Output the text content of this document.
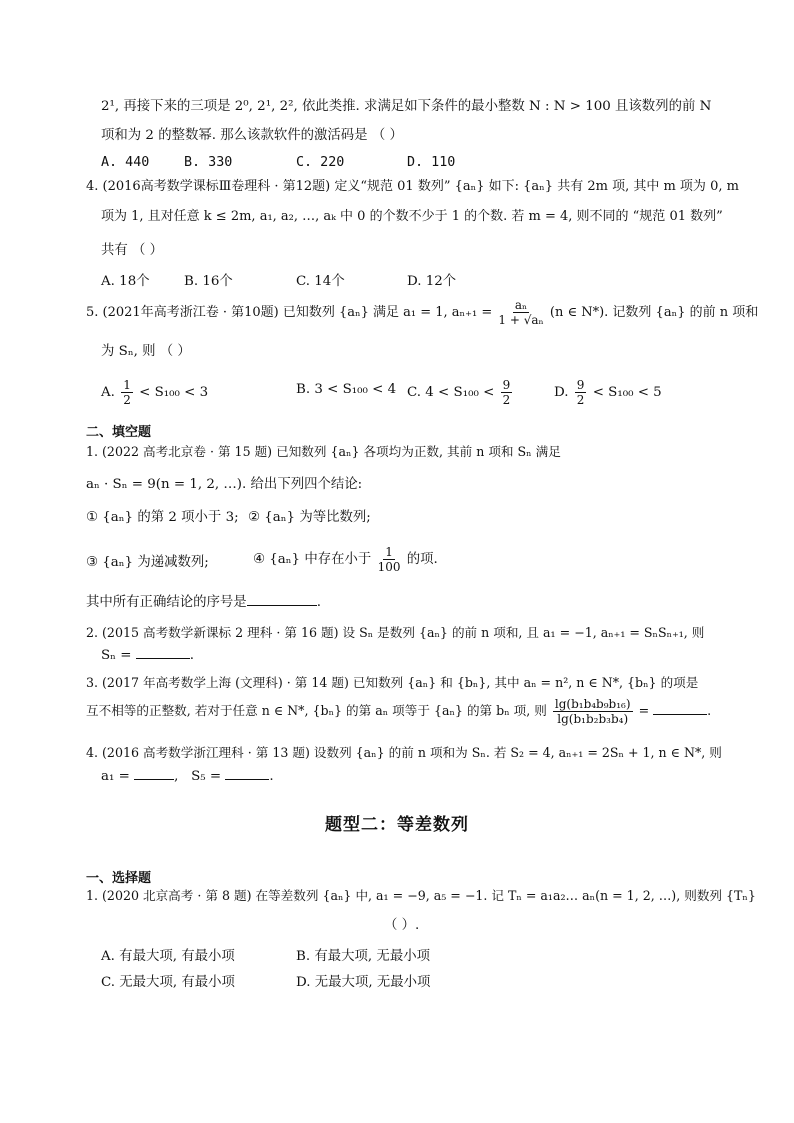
2¹, 再接下来的三项是 2⁰, 2¹, 2², 依此类推. 求满足如下条件的最小整数 N : N > 100 且该数列的前 N
项和为 2 的整数幂. 那么该款软件的激活码是 （ ）
A. 440	B. 330	C. 220	D. 110
4. (2016高考数学课标Ⅲ卷理科 · 第12题) 定义“规范 01 数列” {aₙ} 如下: {aₙ} 共有 2m 项, 其中 m 项为 0, m
项为 1, 且对任意 k ≤ 2m, a₁, a₂, …, aₖ 中 0 的个数不少于 1 的个数. 若 m = 4, 则不同的 “规范 01 数列”
共有 （ ）
A. 18个	B. 16个	C. 14个	D. 12个
5. (2021年高考浙江卷 · 第10题) 已知数列 {aₙ} 满足 a₁ = 1, $a_{n+1} = \frac{\text{aₙ}}{\text{1 + √aₙ}} (n$ ∈ N*). 记数列 {aₙ} 的前 n 项和
为 Sₙ, 则 （ ）
A. $\frac{1}{2} < S_{100} < 3$	B. 3 < S₁₀₀ < 4 C. $4 < S_{100} < \frac{9}{2}$	D. $\frac{9}{2} < S_{100} < 5$
二、填空题
1. (2022 高考北京卷 · 第 15 题) 已知数列 {aₙ} 各项均为正数, 其前 n 项和 Sₙ 满足
aₙ · Sₙ = 9(n = 1, 2, …). 给出下列四个结论:
① {aₙ} 的第 2 项小于 3; ② {aₙ} 为等比数列;
③ {aₙ} 为递减数列;	④ {aₙ} 中存在小于 $\frac{1}{100}$ 的项.
其中所有正确结论的序号是	.
2. (2015 高考数学新课标 2 理科 · 第 16 题) 设 Sₙ 是数列 {aₙ} 的前 n 项和, 且 a₁ = −1, aₙ₊₁ = SₙSₙ₊₁, 则
Sₙ =	.
3. (2017 年高考数学上海 (文理科) · 第 14 题) 已知数列 {aₙ} 和 {bₙ}, 其中 aₙ = n², n ∈ N*, {bₙ} 的项是
互不相等的正整数, 若对于任意 n ∈ N*, {bₙ} 的第 aₙ 项等于 {aₙ} 的第 bₙ 项, 则 $\frac{\text{lg(b₁b₄b₉b₁₆)}}{\text{lg(b₁b₂b₃b₄)}}$ =	.
4. (2016 高考数学浙江理科 · 第 13 题) 设数列 {aₙ} 的前 n 项和为 Sₙ. 若 S₂ = 4, aₙ₊₁ = 2Sₙ + 1, n ∈ N*, 则
a₁ =	,   S₅ =	.
题型二：等差数列
一、选择题
1. (2020 北京高考 · 第 8 题) 在等差数列 {aₙ} 中, a₁ = −9, a₅ = −1. 记 Tₙ = a₁a₂… aₙ(n = 1, 2, …), 则数列 {Tₙ}
（ ）.
A. 有最大项, 有最小项	B. 有最大项, 无最小项
C. 无最大项, 有最小项	D. 无最大项, 无最小项
